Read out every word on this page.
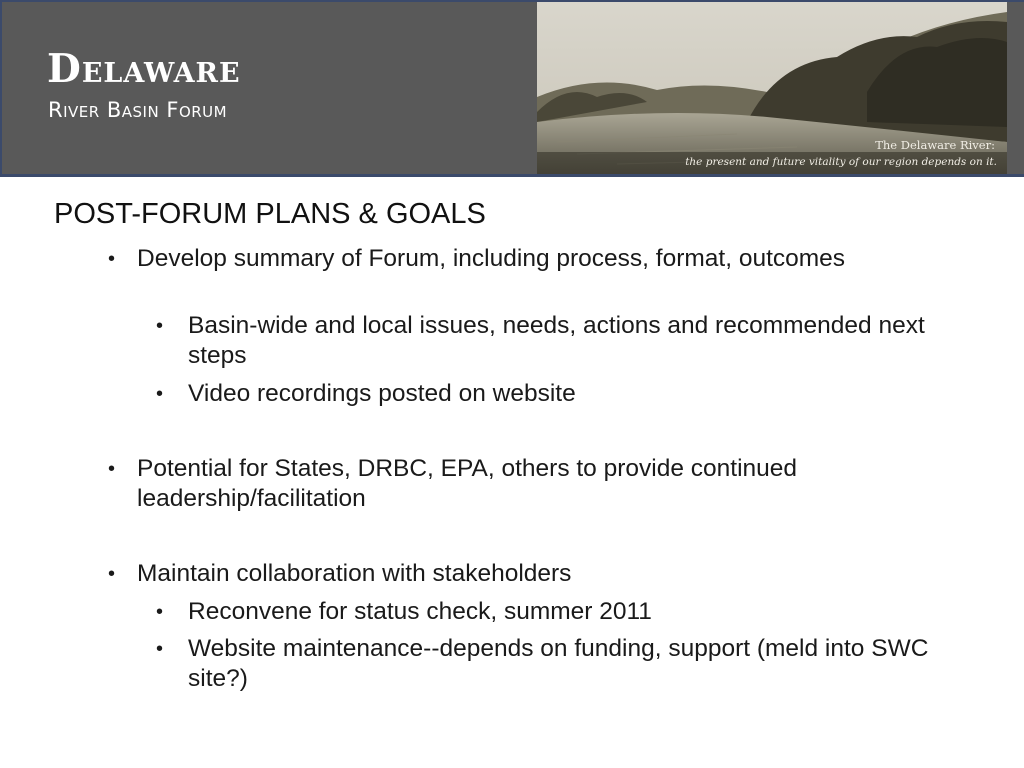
Delaware
River Basin Forum
The Delaware River:
the present and future vitality of our region depends on it.
POST-FORUM PLANS & GOALS
• Develop summary of Forum, including process, format, outcomes
•	Basin-wide and local issues, needs, actions and recommended next steps
•	Video recordings posted on website
• Potential for States, DRBC, EPA, others to provide continued leadership/facilitation
• Maintain collaboration with stakeholders
•	Reconvene for status check, summer 2011
•	Website maintenance--depends on funding, support (meld into SWC site?)
